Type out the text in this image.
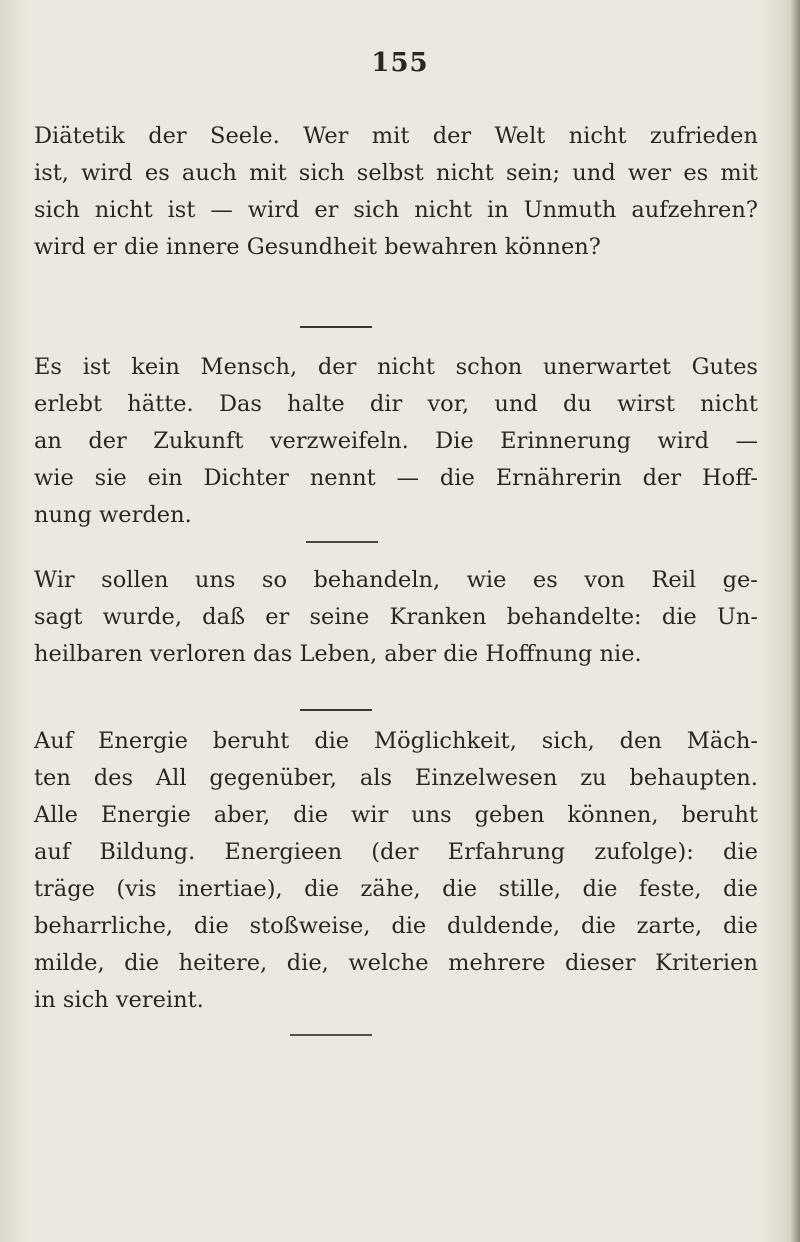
155
Diätetik der Seele. Wer mit der Welt nicht zufrieden
ist, wird es auch mit sich selbst nicht sein; und wer es mit
sich nicht ist — wird er sich nicht in Unmuth aufzehren?
wird er die innere Gesundheit bewahren können?
Es ist kein Mensch, der nicht schon unerwartet Gutes
erlebt hätte. Das halte dir vor, und du wirst nicht
an der Zukunft verzweifeln. Die Erinnerung wird —
wie sie ein Dichter nennt — die Ernährerin der Hoff-
nung werden.
Wir sollen uns so behandeln, wie es von Reil ge-
sagt wurde, daß er seine Kranken behandelte: die Un-
heilbaren verloren das Leben, aber die Hoffnung nie.
Auf Energie beruht die Möglichkeit, sich, den Mäch-
ten des All gegenüber, als Einzelwesen zu behaupten.
Alle Energie aber, die wir uns geben können, beruht
auf Bildung. Energieen (der Erfahrung zufolge): die
träge (vis inertiae), die zähe, die stille, die feste, die
beharrliche, die stoßweise, die duldende, die zarte, die
milde, die heitere, die, welche mehrere dieser Kriterien
in sich vereint.
